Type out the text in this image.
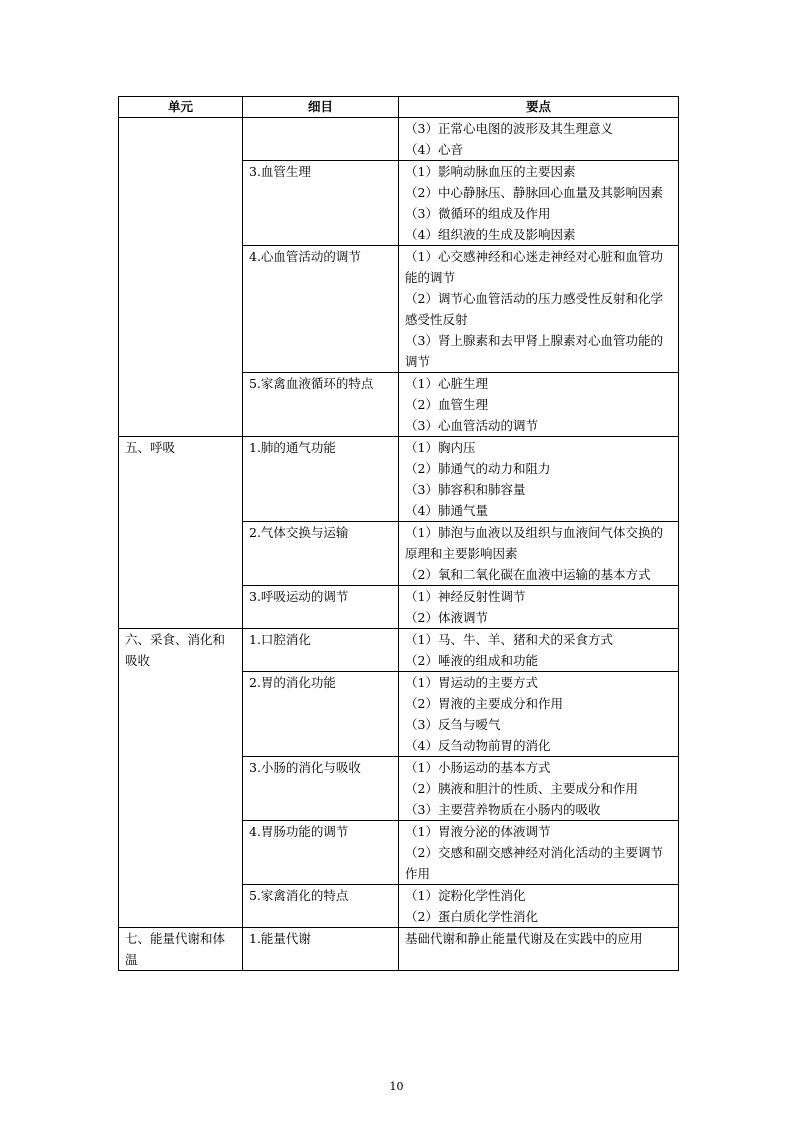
单元	细目	要点

		（3）正常心电图的波形及其生理意义
（4）心音

	3.血管生理	（1）影响动脉血压的主要因素
（2）中心静脉压、静脉回心血量及其影响因素
（3）微循环的组成及作用
（4）组织液的生成及影响因素

	4.心血管活动的调节	（1）心交感神经和心迷走神经对心脏和血管功能的调节
（2）调节心血管活动的压力感受性反射和化学感受性反射
（3）肾上腺素和去甲肾上腺素对心血管功能的调节

	5.家禽血液循环的特点	（1）心脏生理
（2）血管生理
（3）心血管活动的调节

五、呼吸	1.肺的通气功能	（1）胸内压
（2）肺通气的动力和阻力
（3）肺容积和肺容量
（4）肺通气量

	2.气体交换与运输	（1）肺泡与血液以及组织与血液间气体交换的原理和主要影响因素
（2）氧和二氧化碳在血液中运输的基本方式

	3.呼吸运动的调节	（1）神经反射性调节
（2）体液调节

六、采食、消化和吸收	1.口腔消化	（1）马、牛、羊、猪和犬的采食方式
（2）唾液的组成和功能

	2.胃的消化功能	（1）胃运动的主要方式
（2）胃液的主要成分和作用
（3）反刍与嗳气
（4）反刍动物前胃的消化

	3.小肠的消化与吸收	（1）小肠运动的基本方式
（2）胰液和胆汁的性质、主要成分和作用
（3）主要营养物质在小肠内的吸收

	4.胃肠功能的调节	（1）胃液分泌的体液调节
（2）交感和副交感神经对消化活动的主要调节作用

	5.家禽消化的特点	（1）淀粉化学性消化
（2）蛋白质化学性消化

七、能量代谢和体温	1.能量代谢	基础代谢和静止能量代谢及在实践中的应用
10
